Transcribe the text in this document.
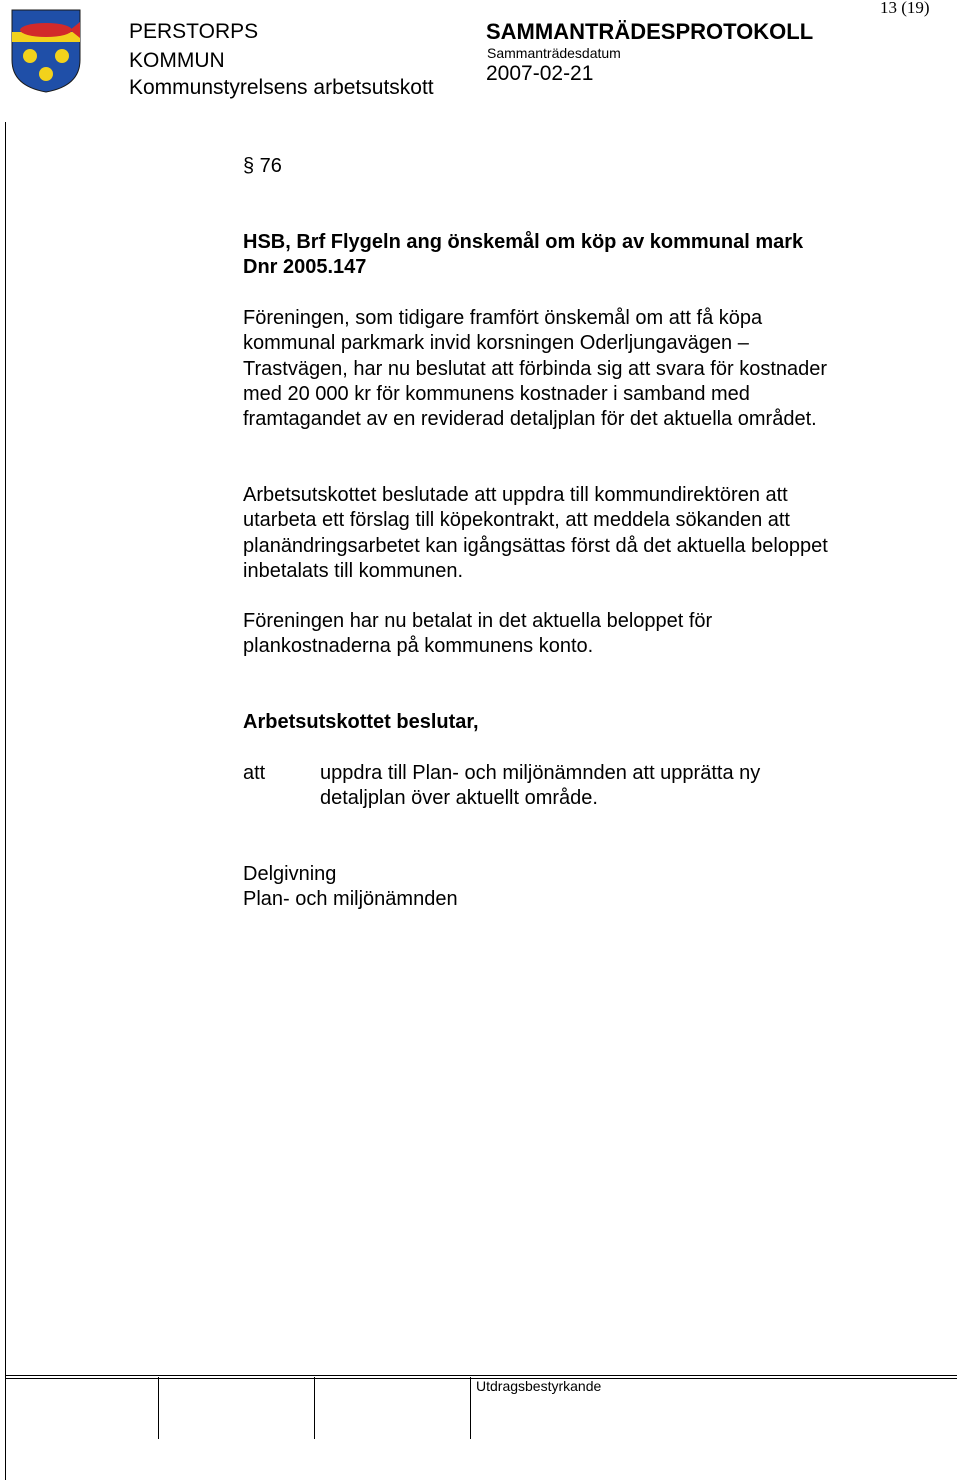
PERSTORPS
KOMMUN
Kommunstyrelsens arbetsutskott
SAMMANTRÄDESPROTOKOLL
Sammanträdesdatum
2007-02-21
13 (19)
§ 76
HSB, Brf Flygeln ang önskemål om köp av kommunal mark Dnr 2005.147
Föreningen, som tidigare framfört önskemål om att få köpa kommunal parkmark invid korsningen Oderljungavägen – Trastvägen, har nu beslutat att förbinda sig att svara för kostnader med 20 000 kr för kommunens kostnader i samband med framtagandet av en reviderad detaljplan för det aktuella området.
Arbetsutskottet beslutade att uppdra till kommundirektören att utarbeta ett förslag till köpekontrakt, att meddela sökanden att planändringsarbetet kan igångsättas först då det aktuella beloppet inbetalats till kommunen.
Föreningen har nu betalat in det aktuella beloppet för plankostnaderna på kommunens konto.
Arbetsutskottet beslutar,
att	uppdra till Plan- och miljönämnden att upprätta ny detaljplan över aktuellt område.
Delgivning
Plan- och miljönämnden
Utdragsbestyrkande
